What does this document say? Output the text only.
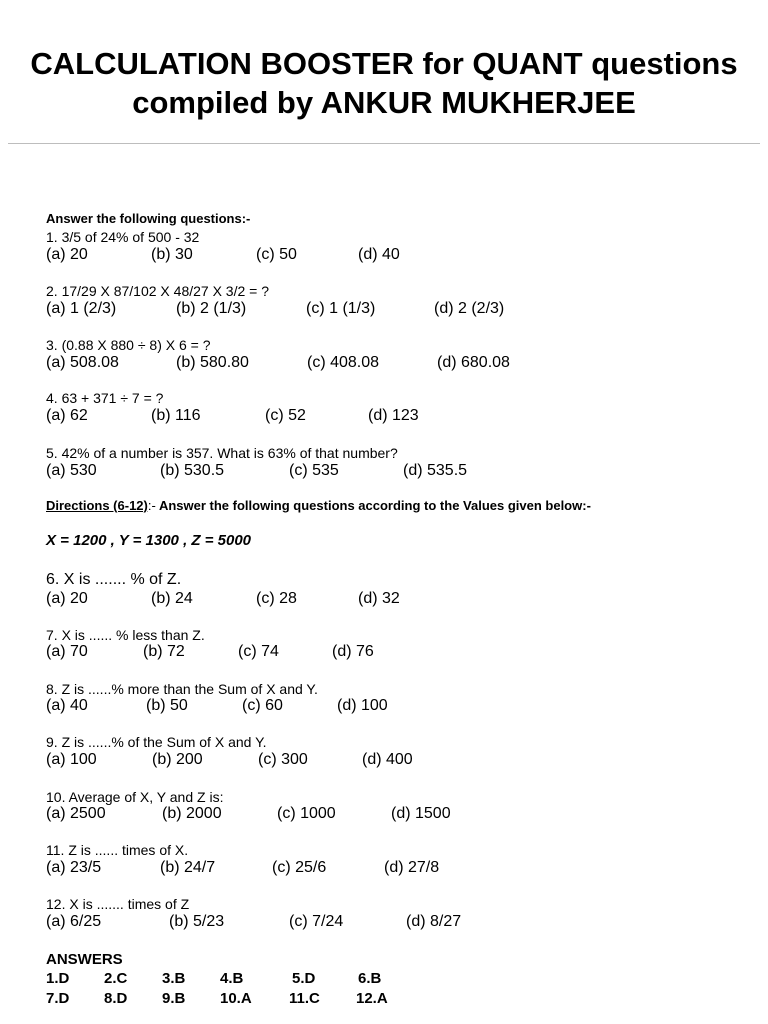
CALCULATION BOOSTER for QUANT questions
compiled by ANKUR MUKHERJEE
Answer the following questions:-
1. 3/5 of 24% of 500 - 32
(a) 20	(b) 30	(c) 50	(d) 40
2. 17/29 X 87/102 X 48/27 X 3/2 = ?
(a) 1 (2/3)	(b) 2 (1/3)	(c) 1 (1/3)	(d) 2 (2/3)
3. (0.88 X 880 ÷ 8) X 6 = ?
(a) 508.08	(b) 580.80	(c) 408.08	(d) 680.08
4. 63 + 371 ÷ 7 = ?
(a) 62	(b) 116	(c) 52	(d) 123
5. 42% of a number is 357. What is 63% of that number?
(a) 530	(b) 530.5	(c) 535	(d) 535.5
Directions (6-12):- Answer the following questions according to the Values given below:-
X = 1200 , Y = 1300 , Z = 5000
6. X is ....... % of Z.
(a) 20	(b) 24	(c) 28	(d) 32
7. X is ...... % less than Z.
(a) 70	(b) 72	(c) 74	(d) 76
8. Z is ......% more than the Sum of X and Y.
(a) 40	(b) 50	(c) 60	(d) 100
9. Z is ......% of the Sum of X and Y.
(a) 100	(b) 200	(c) 300	(d) 400
10. Average of X, Y and Z is:
(a) 2500	(b) 2000	(c) 1000	(d) 1500
11. Z is ...... times of X.
(a) 23/5	(b) 24/7	(c) 25/6	(d) 27/8
12. X is ....... times of Z
(a) 6/25	(b) 5/23	(c) 7/24	(d) 8/27
ANSWERS
1.D 2.C 3.B 4.B	5.D	6.B
7.D 8.D 9.B 10.A 11.C 12.A
